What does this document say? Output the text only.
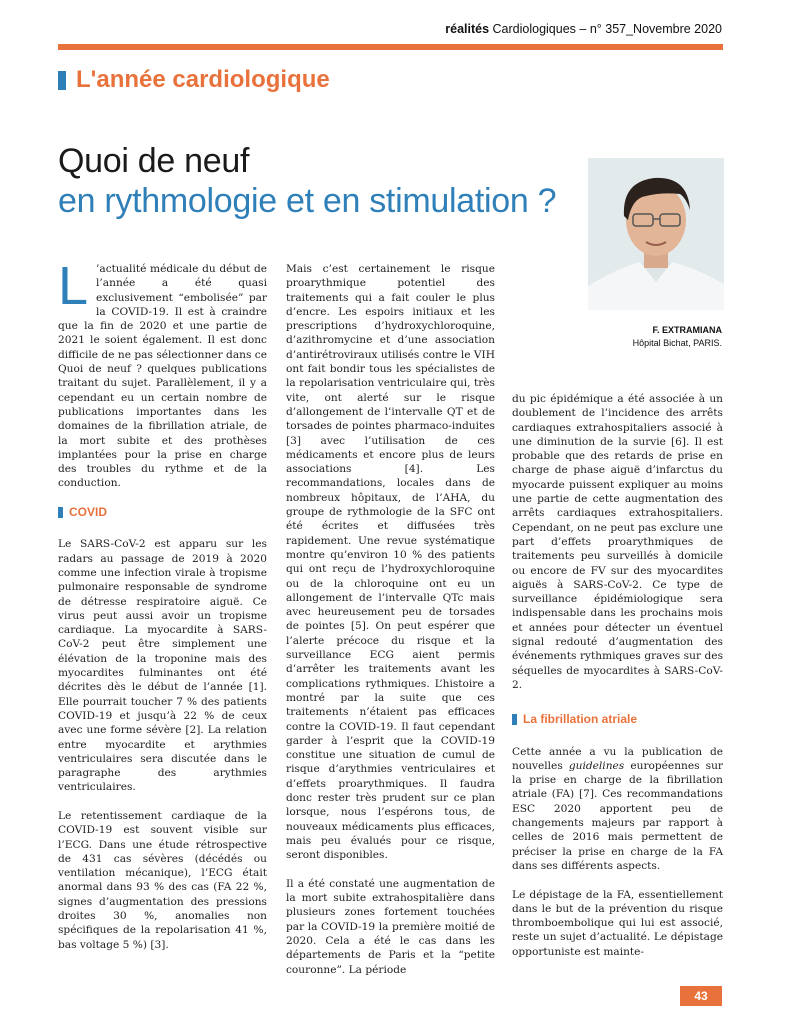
réalités Cardiologiques – n° 357_Novembre 2020
L'année cardiologique
Quoi de neuf
en rythmologie et en stimulation ?
F. EXTRAMIANA
Hôpital Bichat, PARIS.

L ’actualité médicale du début de l’année a été quasi exclusivement “embolisée” par la COVID-19. Il est à craindre que la fin de 2020 et une partie de 2021 le soient également. Il est donc difficile de ne pas sélectionner dans ce Quoi de neuf ? quelques publications traitant du sujet. Parallèlement, il y a cependant eu un certain nombre de publications importantes dans les domaines de la fibrillation atriale, de la mort subite et des prothèses implantées pour la prise en charge des troubles du rythme et de la conduction.

COVID

Le SARS-CoV-2 est apparu sur les radars au passage de 2019 à 2020 comme une infection virale à tropisme pulmonaire responsable de syndrome de détresse respiratoire aiguë. Ce virus peut aussi avoir un tropisme cardiaque. La myocardite à SARS-CoV-2 peut être simplement une élévation de la troponine mais des myocardites fulminantes ont été décrites dès le début de l’année [1]. Elle pourrait toucher 7 % des patients COVID-19 et jusqu’à 22 % de ceux avec une forme sévère [2]. La relation entre myocardite et arythmies ventriculaires sera discutée dans le paragraphe des arythmies ventriculaires.

Le retentissement cardiaque de la COVID-19 est souvent visible sur l’ECG. Dans une étude rétrospective de 431 cas sévères (décédés ou ventilation mécanique), l’ECG était anormal dans 93 % des cas (FA 22 %, signes d’augmentation des pressions droites 30 %, anomalies non spécifiques de la repolarisation 41 %, bas voltage 5 %) [3].

Mais c’est certainement le risque proarythmique potentiel des traitements qui a fait couler le plus d’encre. Les espoirs initiaux et les prescriptions d’hydroxychloroquine, d’azithromycine et d’une association d’antirétroviraux utilisés contre le VIH ont fait bondir tous les spécialistes de la repolarisation ventriculaire qui, très vite, ont alerté sur le risque d’allongement de l’intervalle QT et de torsades de pointes pharmaco-induites [3] avec l’utilisation de ces médicaments et encore plus de leurs associations [4]. Les recommandations, locales dans de nombreux hôpitaux, de l’AHA, du groupe de rythmologie de la SFC ont été écrites et diffusées très rapidement. Une revue systématique montre qu’environ 10 % des patients qui ont reçu de l’hydroxychloroquine ou de la chloroquine ont eu un allongement de l’intervalle QTc mais avec heureusement peu de torsades de pointes [5]. On peut espérer que l’alerte précoce du risque et la surveillance ECG aient permis d’arrêter les traitements avant les complications rythmiques. L’histoire a montré par la suite que ces traitements n’étaient pas efficaces contre la COVID-19. Il faut cependant garder à l’esprit que la COVID-19 constitue une situation de cumul de risque d’arythmies ventriculaires et d’effets proarythmiques. Il faudra donc rester très prudent sur ce plan lorsque, nous l’espérons tous, de nouveaux médicaments plus efficaces, mais peu évalués pour ce risque, seront disponibles.

Il a été constaté une augmentation de la mort subite extrahospitalière dans plusieurs zones fortement touchées par la COVID-19 la première moitié de 2020. Cela a été le cas dans les départements de Paris et la “petite couronne”. La période

du pic épidémique a été associée à un doublement de l’incidence des arrêts cardiaques extrahospitaliers associé à une diminution de la survie [6]. Il est probable que des retards de prise en charge de phase aiguë d’infarctus du myocarde puissent expliquer au moins une partie de cette augmentation des arrêts cardiaques extrahospitaliers. Cependant, on ne peut pas exclure une part d’effets proarythmiques de traitements peu surveillés à domicile ou encore de FV sur des myocardites aiguës à SARS-CoV-2. Ce type de surveillance épidémiologique sera indispensable dans les prochains mois et années pour détecter un éventuel signal redouté d’augmentation des événements rythmiques graves sur des séquelles de myocardites à SARS-CoV-2.

La fibrillation atriale

Cette année a vu la publication de nouvelles guidelines européennes sur la prise en charge de la fibrillation atriale (FA) [7]. Ces recommandations ESC 2020 apportent peu de changements majeurs par rapport à celles de 2016 mais permettent de préciser la prise en charge de la FA dans ses différents aspects.

Le dépistage de la FA, essentiellement dans le but de la prévention du risque thromboembolique qui lui est associé, reste un sujet d’actualité. Le dépistage opportuniste est mainte-

43
